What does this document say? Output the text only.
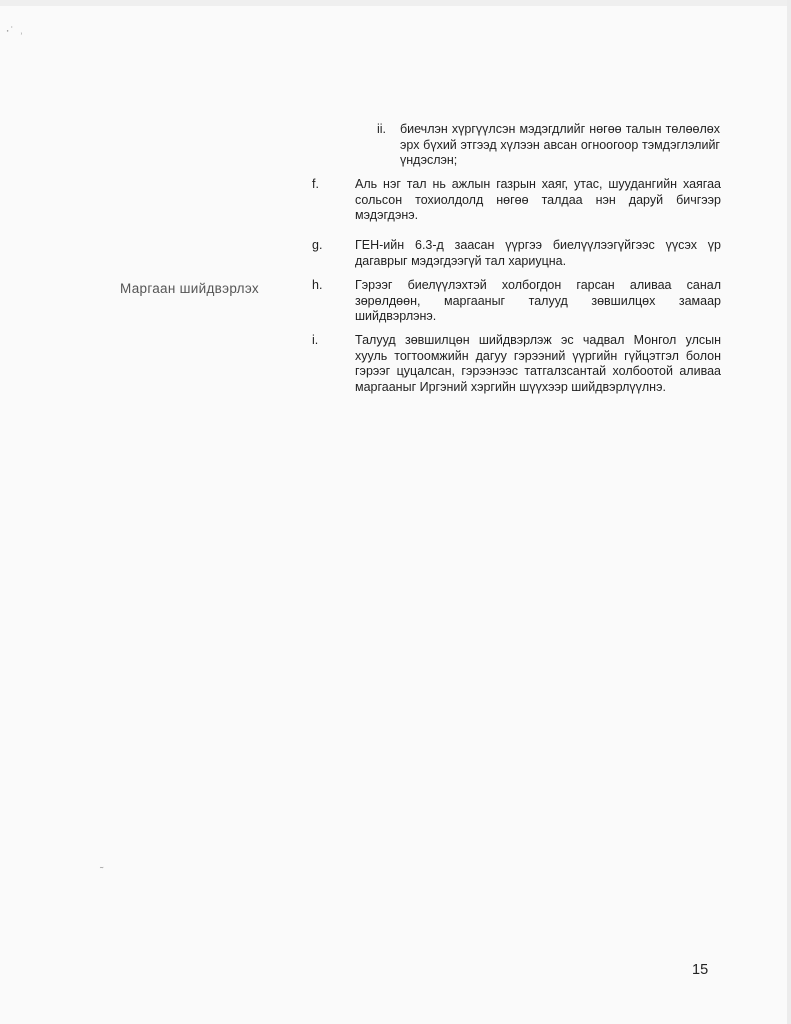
⸱˙ ˒
˜
Маргаан шийдвэрлэх
ii. биечлэн хүргүүлсэн мэдэгдлийг нөгөө талын төлөөлөх эрх бүхий этгээд хүлээн авсан огноогоор тэмдэглэлийг үндэслэн;
f.	Аль нэг тал нь ажлын газрын хаяг, утас, шуудангийн хаягаа сольсон тохиолдолд нөгөө талдаа нэн даруй бичгээр мэдэгдэнэ.
g.	ГЕН-ийн 6.3-д заасан үүргээ биелүүлээгүйгээс үүсэх үр дагаврыг мэдэгдээгүй тал хариуцна.
h.	Гэрээг биелүүлэхтэй холбогдон гарсан аливаа санал зөрөлдөөн, маргааныг талууд зөвшилцөх замаар шийдвэрлэнэ.
i.	Талууд зөвшилцөн шийдвэрлэж эс чадвал Монгол улсын хууль тогтоомжийн дагуу гэрээний үүргийн гүйцэтгэл болон гэрээг цуцалсан, гэрээнээс татгалзсантай холбоотой аливаа маргааныг Иргэний хэргийн шүүхээр шийдвэрлүүлнэ.
15
